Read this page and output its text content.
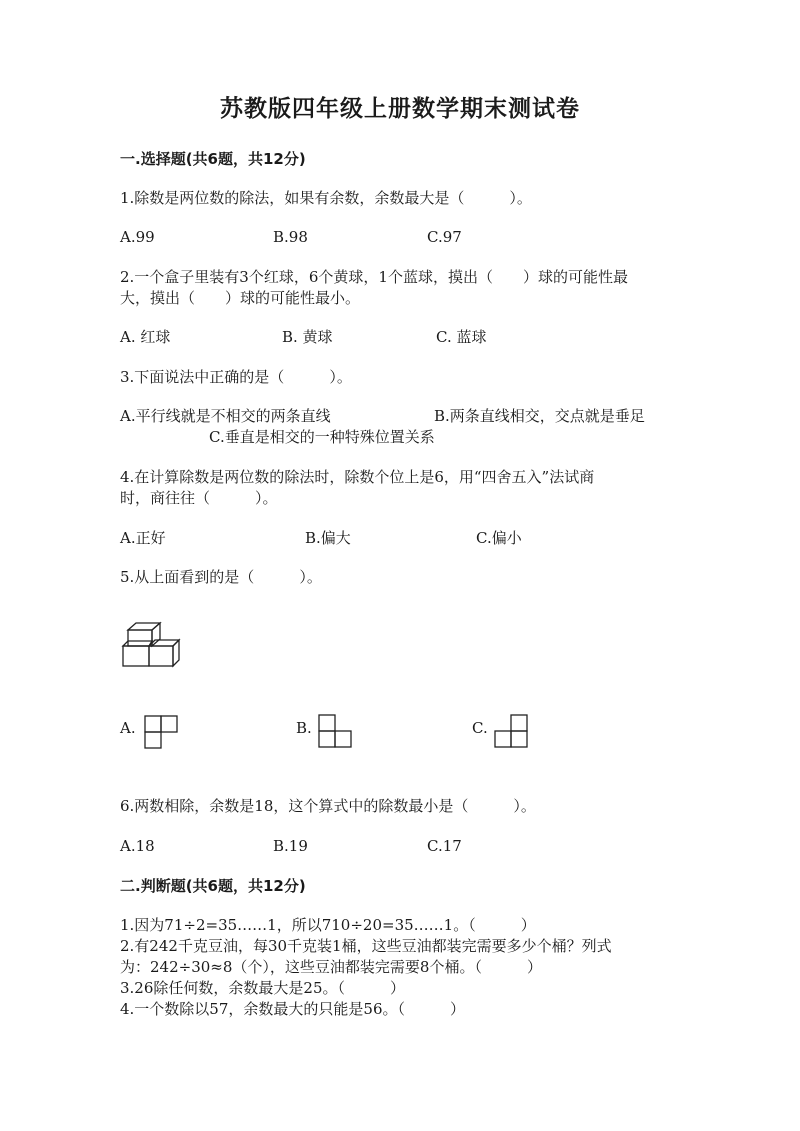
苏教版四年级上册数学期末测试卷
一.选择题(共6题，共12分)
1.除数是两位数的除法，如果有余数，余数最大是（　　　）。
A.99	B.98	C.97
2.一个盒子里装有3个红球，6个黄球，1个蓝球，摸出（　　）球的可能性最
大，摸出（　　）球的可能性最小。
A. 红球	B. 黄球	C. 蓝球
3.下面说法中正确的是（　　　）。
A.平行线就是不相交的两条直线	B.两条直线相交，交点就是垂足
C.垂直是相交的一种特殊位置关系
4.在计算除数是两位数的除法时，除数个位上是6，用“四舍五入”法试商
时，商往往（　　　）。
A.正好	B.偏大	C.偏小
5.从上面看到的是（　　　）。
A.	B.	C.
6.两数相除，余数是18，这个算式中的除数最小是（　　　）。
A.18	B.19	C.17
二.判断题(共6题，共12分)
1.因为71÷2=35……1，所以710÷20=35……1。（　　　）
2.有242千克豆油，每30千克装1桶，这些豆油都装完需要多少个桶？列式
为：242÷30≈8（个），这些豆油都装完需要8个桶。（　　　）
3.26除任何数，余数最大是25。（　　　）
4.一个数除以57，余数最大的只能是56。（　　　）
